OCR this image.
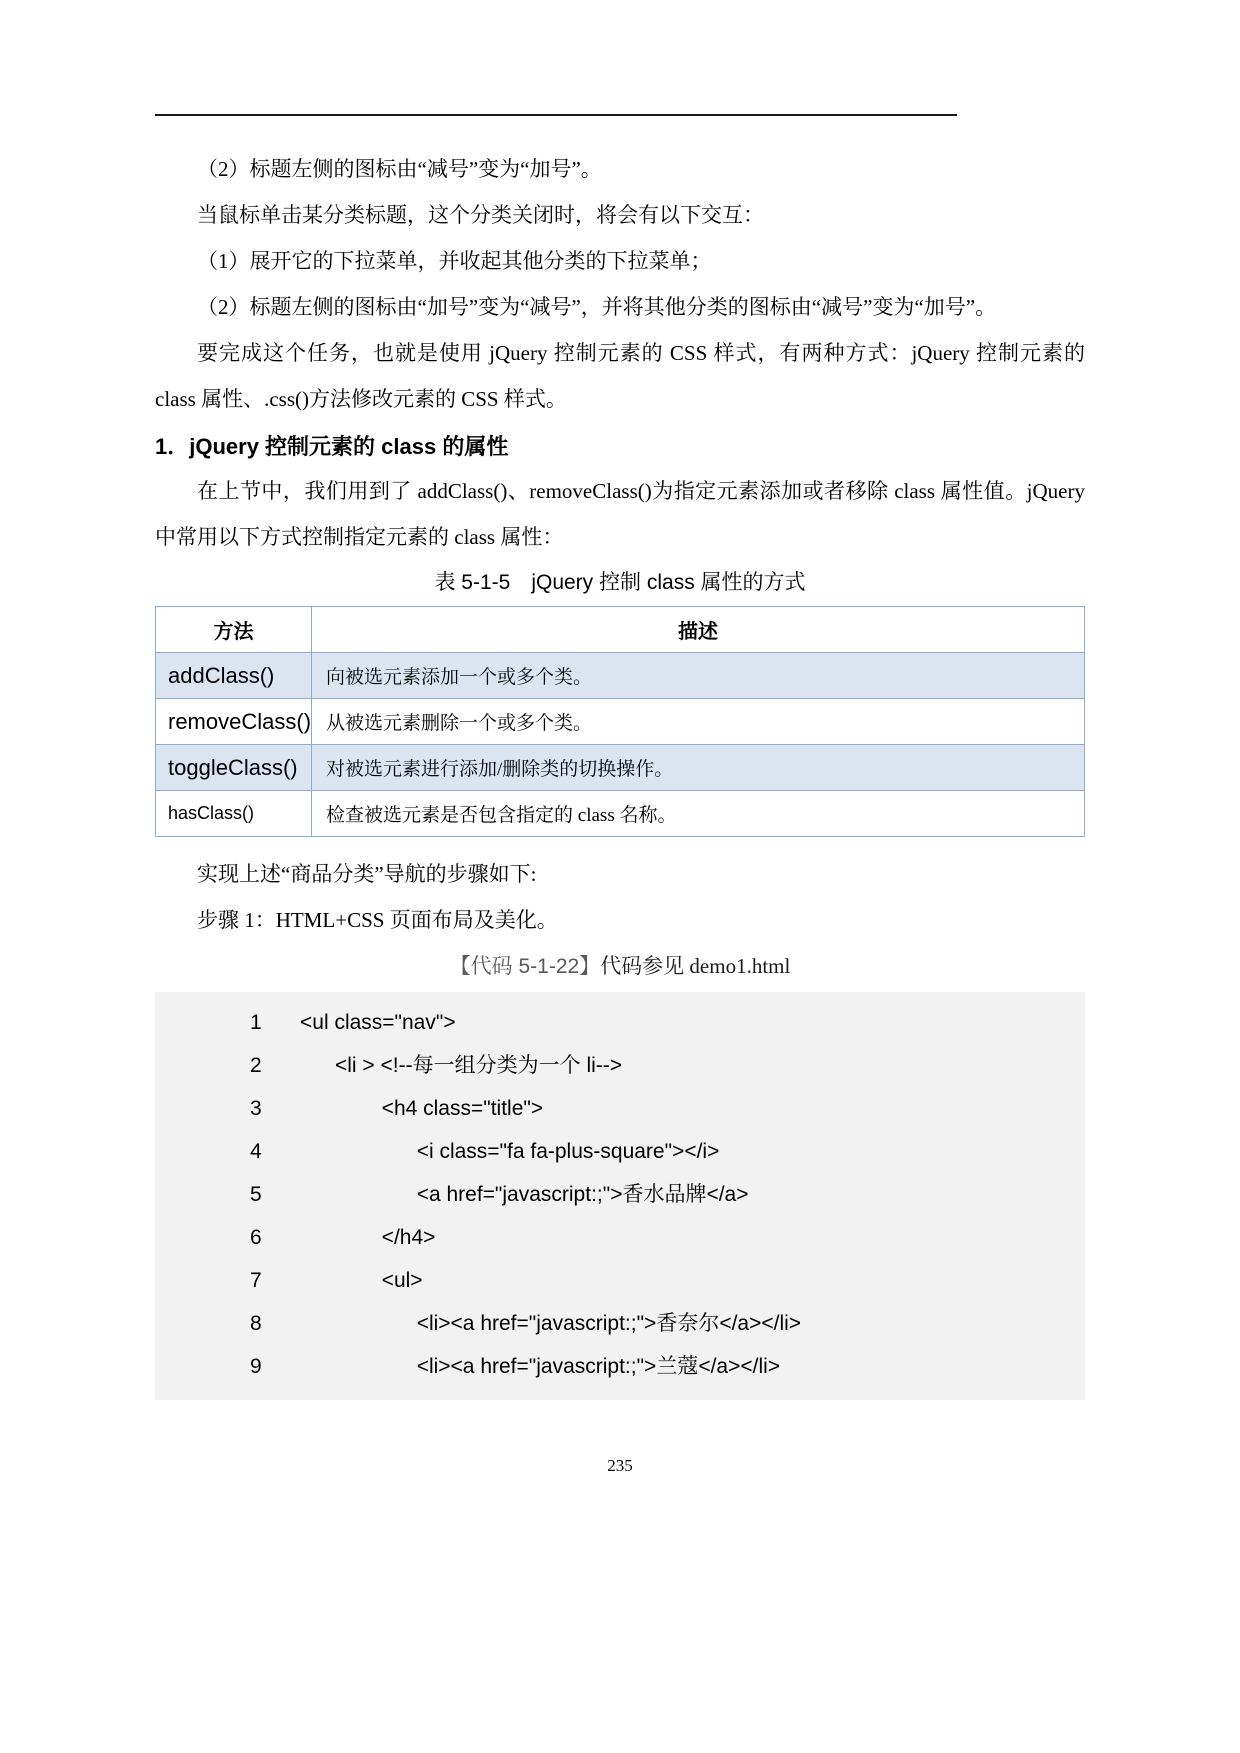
（2）标题左侧的图标由“减号”变为“加号”。

当鼠标单击某分类标题，这个分类关闭时，将会有以下交互：

（1）展开它的下拉菜单，并收起其他分类的下拉菜单；

（2）标题左侧的图标由“加号”变为“减号”，并将其他分类的图标由“减号”变为“加号”。

要完成这个任务，也就是使用 jQuery 控制元素的 CSS 样式，有两种方式：jQuery 控制元素的 class 属性、.css()方法修改元素的 CSS 样式。

1．jQuery 控制元素的 class 的属性

在上节中，我们用到了 addClass()、removeClass()为指定元素添加或者移除 class 属性值。jQuery 中常用以下方式控制指定元素的 class 属性：

表 5-1-5　jQuery 控制 class 属性的方式
方法	描述
addClass()	向被选元素添加一个或多个类。
removeClass()	从被选元素删除一个或多个类。
toggleClass()	对被选元素进行添加/删除类的切换操作。
hasClass()	检查被选元素是否包含指定的 class 名称。

实现上述“商品分类”导航的步骤如下:

步骤 1：HTML+CSS 页面布局及美化。

【代码 5-1-22】代码参见 demo1.html
1	<ul class="nav">
2	<li > <!--每一组分类为一个 li-->
3	<h4 class="title">
4	<i class="fa fa-plus-square"></i>
5	<a href="javascript:;">香水品牌</a>
6	</h4>
7	<ul>
8	<li><a href="javascript:;">香奈尔</a></li>
9	<li><a href="javascript:;">兰蔻</a></li>
235
